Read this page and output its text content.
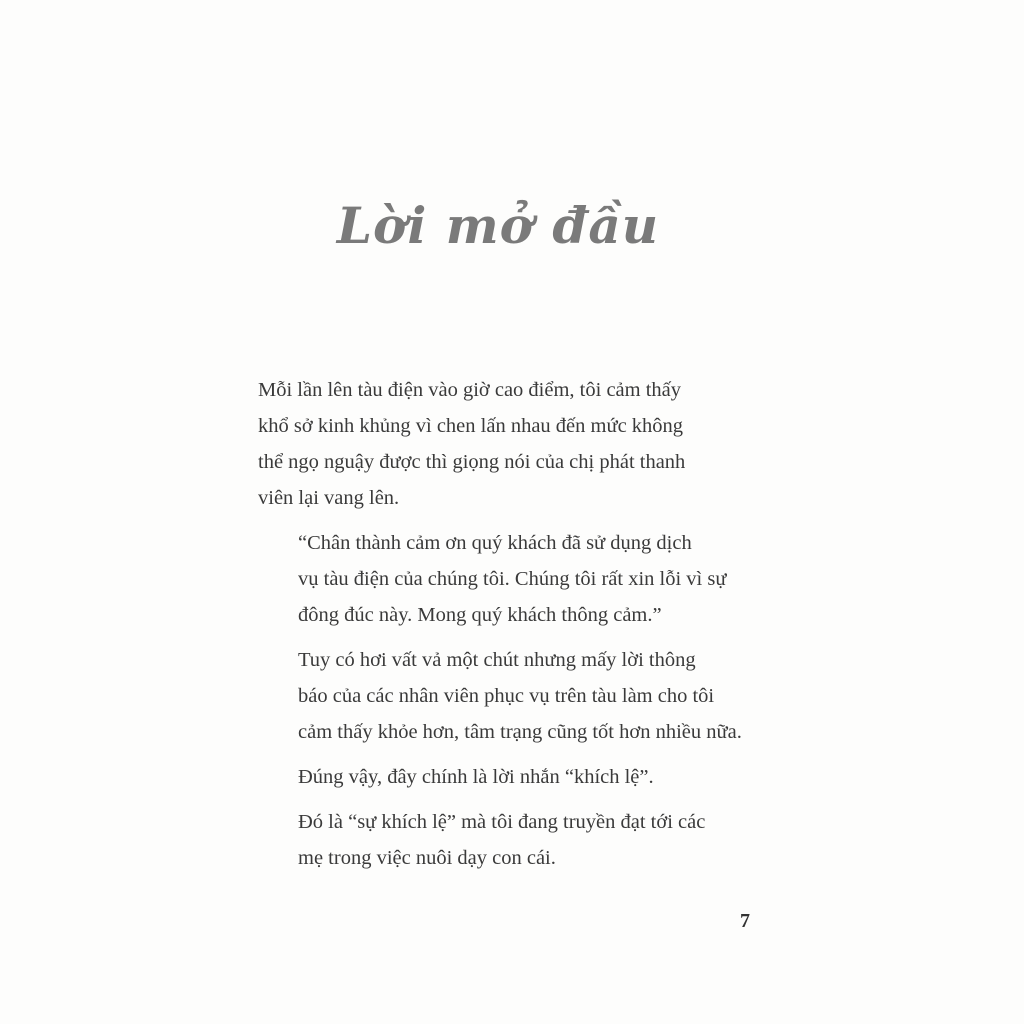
Lời mở đầu

Mỗi lần lên tàu điện vào giờ cao điểm, tôi cảm thấy
khổ sở kinh khủng vì chen lấn nhau đến mức không
thể ngọ nguậy được thì giọng nói của chị phát thanh
viên lại vang lên.

“Chân thành cảm ơn quý khách đã sử dụng dịch
vụ tàu điện của chúng tôi. Chúng tôi rất xin lỗi vì sự
đông đúc này. Mong quý khách thông cảm.”

Tuy có hơi vất vả một chút nhưng mấy lời thông
báo của các nhân viên phục vụ trên tàu làm cho tôi
cảm thấy khỏe hơn, tâm trạng cũng tốt hơn nhiều nữa.

Đúng vậy, đây chính là lời nhắn “khích lệ”.

Đó là “sự khích lệ” mà tôi đang truyền đạt tới các
mẹ trong việc nuôi dạy con cái.

7
